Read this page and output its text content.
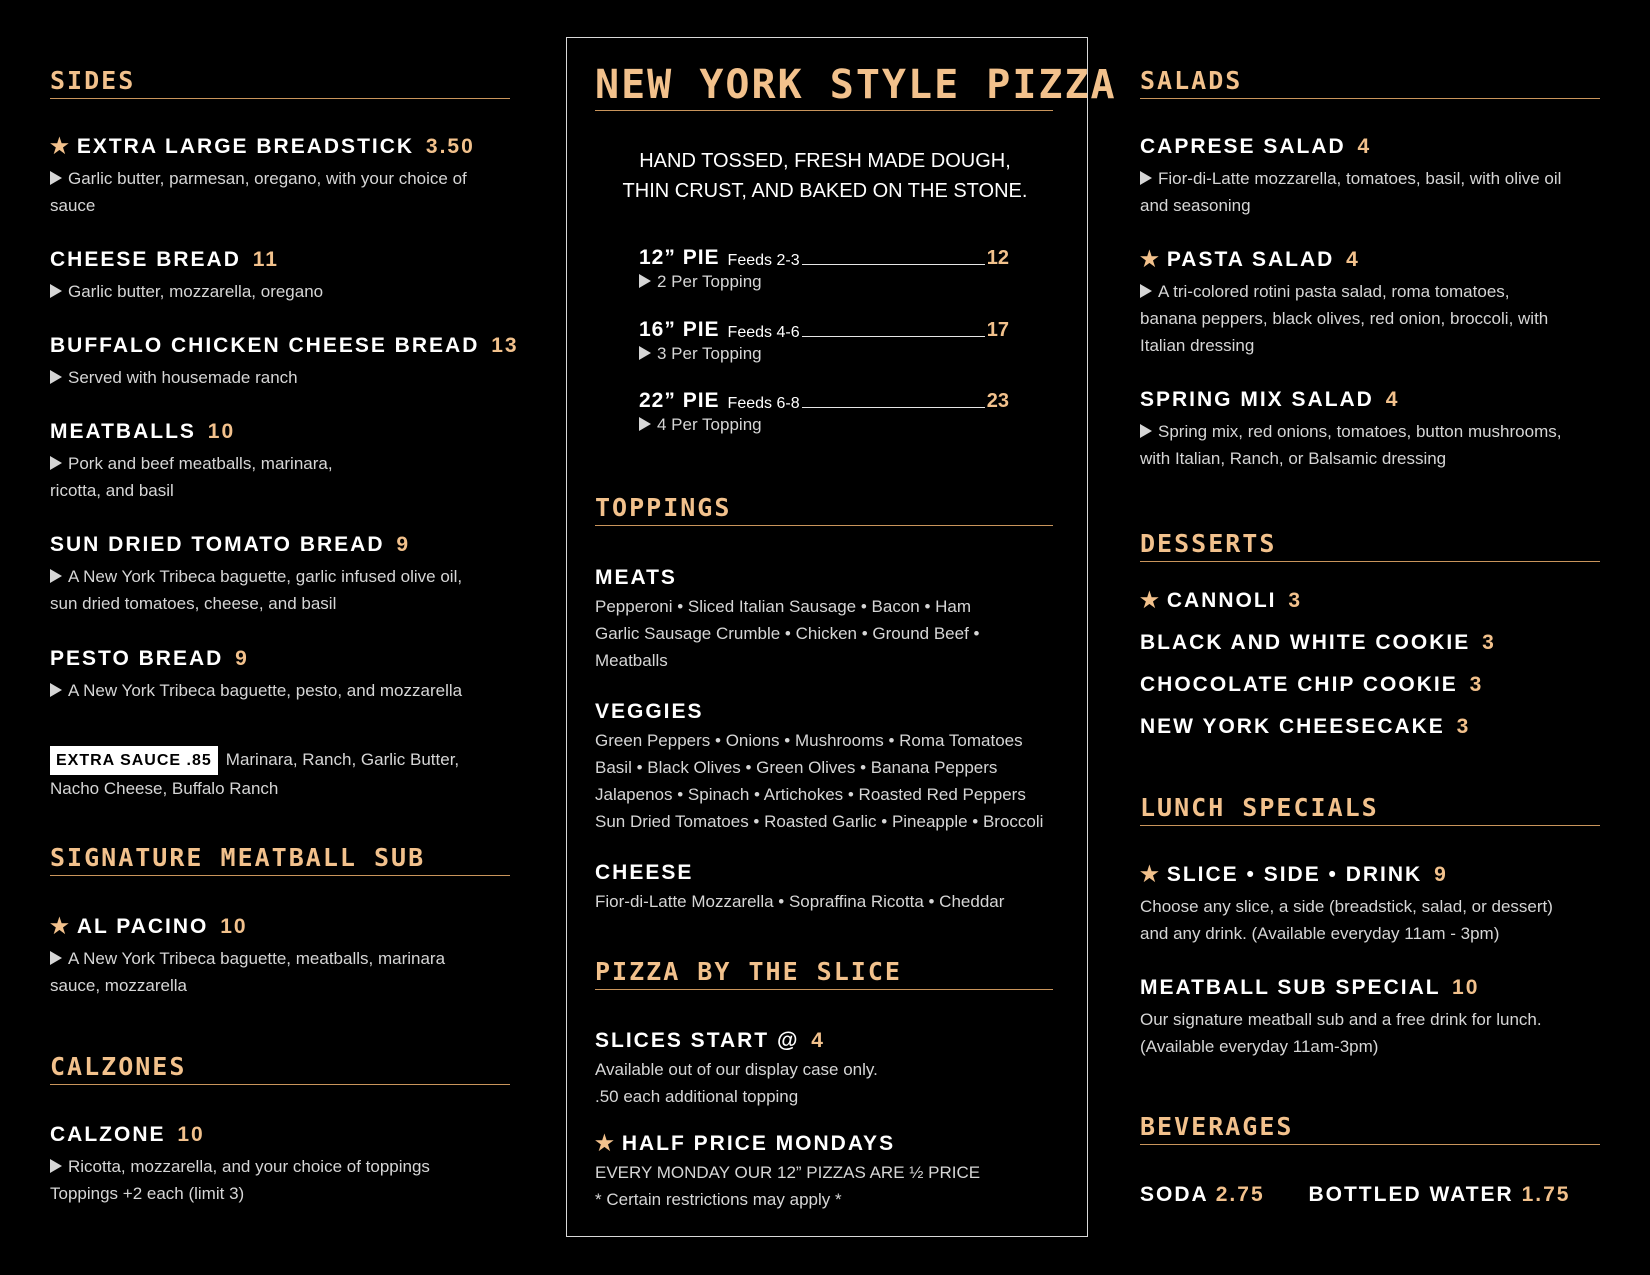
SIDES
★ EXTRA LARGE BREADSTICK 3.50
Garlic butter, parmesan, oregano, with your choice of sauce
CHEESE BREAD 11
Garlic butter, mozzarella, oregano
BUFFALO CHICKEN CHEESE BREAD 13
Served with housemade ranch
MEATBALLS 10
Pork and beef meatballs, marinara, ricotta, and basil
SUN DRIED TOMATO BREAD 9
A New York Tribeca baguette, garlic infused olive oil, sun dried tomatoes, cheese, and basil
PESTO BREAD 9
A New York Tribeca baguette, pesto, and mozzarella
EXTRA SAUCE .85 Marinara, Ranch, Garlic Butter, Nacho Cheese, Buffalo Ranch
SIGNATURE MEATBALL SUB
★ AL PACINO 10
A New York Tribeca baguette, meatballs, marinara sauce, mozzarella
CALZONES
CALZONE 10
Ricotta, mozzarella, and your choice of toppings
Toppings +2 each (limit 3)
NEW YORK STYLE PIZZA
HAND TOSSED, FRESH MADE DOUGH,
THIN CRUST, AND BAKED ON THE STONE.
12” PIE Feeds 2-3	12
2 Per Topping
16” PIE Feeds 4-6	17
3 Per Topping
22” PIE Feeds 6-8	23
4 Per Topping
TOPPINGS
MEATS
Pepperoni • Sliced Italian Sausage • Bacon • Ham Garlic Sausage Crumble • Chicken • Ground Beef • Meatballs
VEGGIES
Green Peppers • Onions • Mushrooms • Roma Tomatoes Basil • Black Olives • Green Olives • Banana Peppers Jalapenos • Spinach • Artichokes • Roasted Red Peppers Sun Dried Tomatoes • Roasted Garlic • Pineapple • Broccoli
CHEESE
Fior-di-Latte Mozzarella • Sopraffina Ricotta • Cheddar
PIZZA BY THE SLICE
SLICES START @ 4
Available out of our display case only.
.50 each additional topping
★ HALF PRICE MONDAYS
EVERY MONDAY OUR 12” PIZZAS ARE ½ PRICE
* Certain restrictions may apply *
SALADS
CAPRESE SALAD 4
Fior-di-Latte mozzarella, tomatoes, basil, with olive oil and seasoning
★ PASTA SALAD 4
A tri-colored rotini pasta salad, roma tomatoes, banana peppers, black olives, red onion, broccoli, with Italian dressing
SPRING MIX SALAD 4
Spring mix, red onions, tomatoes, button mushrooms, with Italian, Ranch, or Balsamic dressing
DESSERTS
★ CANNOLI 3
BLACK AND WHITE COOKIE 3
CHOCOLATE CHIP COOKIE 3
NEW YORK CHEESECAKE 3
LUNCH SPECIALS
★ SLICE • SIDE • DRINK 9
Choose any slice, a side (breadstick, salad, or dessert) and any drink. (Available everyday 11am - 3pm)
MEATBALL SUB SPECIAL 10
Our signature meatball sub and a free drink for lunch. (Available everyday 11am-3pm)
BEVERAGES
SODA 2.75 BOTTLED WATER 1.75
